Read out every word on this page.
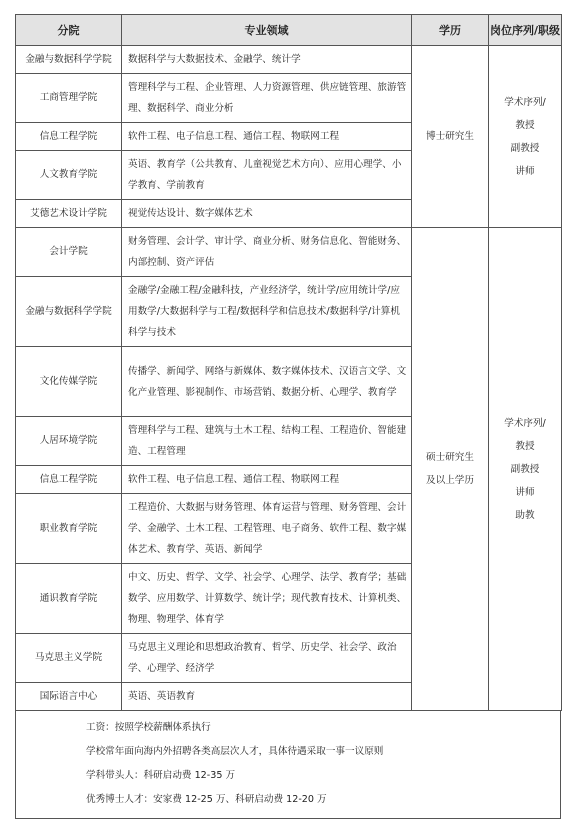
分院	专业领域	学历	岗位序列/职级
金融与数据科学学院	数据科学与大数据技术、金融学、统计学	博士研究生	学术序列/
教授
副教授
讲师

工商管理学院	管理科学与工程、企业管理、人力资源管理、供应链管理、旅游管理、数据科学、商业分析		
信息工程学院	软件工程、电子信息工程、通信工程、物联网工程		
人文教育学院	英语、教育学（公共教育、儿童视觉艺术方向）、应用心理学、小学教育、学前教育		
艾德艺术设计学院	视觉传达设计、数字媒体艺术		
会计学院	财务管理、会计学、审计学、商业分析、财务信息化、智能财务、内部控制、资产评估	硕士研究生
及以上学历	学术序列/
教授
副教授
讲师
助教

金融与数据科学学院	金融学/金融工程/金融科技，产业经济学，统计学/应用统计学/应用数学/大数据科学与工程/数据科学和信息技术/数据科学/计算机科学与技术		
文化传媒学院	传播学、新闻学、网络与新媒体、数字媒体技术、汉语言文学、文化产业管理、影视制作、市场营销、数据分析、心理学、教育学		
人居环境学院	管理科学与工程、建筑与土木工程、结构工程、工程造价、智能建造、工程管理		
信息工程学院	软件工程、电子信息工程、通信工程、物联网工程		
职业教育学院	工程造价、大数据与财务管理、体育运营与管理、财务管理、会计学、金融学、土木工程、工程管理、电子商务、软件工程、数字媒体艺术、教育学、英语、新闻学		
通识教育学院	中文、历史、哲学、文学、社会学、心理学、法学、教育学；基础数学、应用数学、计算数学、统计学；现代教育技术、计算机类、物理、物理学、体育学		
马克思主义学院	马克思主义理论和思想政治教育、哲学、历史学、社会学、政治学、心理学、经济学		
国际语言中心	英语、英语教育		
工资：按照学校薪酬体系执行
学校常年面向海内外招聘各类高层次人才，具体待遇采取一事一议原则
学科带头人：科研启动费 12-35 万
优秀博士人才：安家费 12-25 万、科研启动费 12-20 万
